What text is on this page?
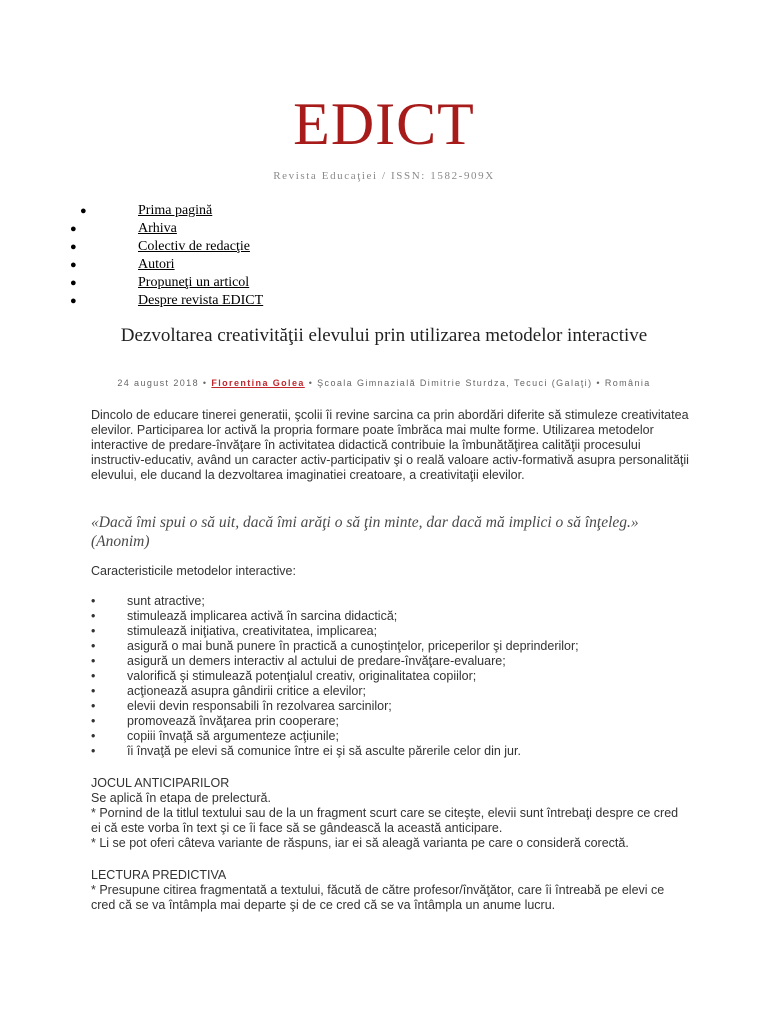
EDICT
Revista Educaţiei / ISSN: 1582-909X
●	Prima pagină
●	Arhiva
●	Colectiv de redacţie
●	Autori
●	Propuneţi un articol
●	Despre revista EDICT
Dezvoltarea creativităţii elevului prin utilizarea metodelor interactive
24 august 2018 • Florentina Golea • Şcoala Gimnazială Dimitrie Sturdza, Tecuci (Galaţi) • România

Dincolo de educare tinerei generatii, şcolii îi revine sarcina ca prin abordări diferite să stimuleze creativitatea elevilor. Participarea lor activă la propria formare poate îmbrăca mai multe forme. Utilizarea metodelor interactive de predare-învăţare în activitatea didactică contribuie la îmbunătăţirea calităţii procesului instructiv-educativ, având un caracter activ-participativ şi o reală valoare activ-formativă asupra personalităţii elevului, ele ducand la dezvoltarea imaginatiei creatoare, a creativitaţii elevilor.

«Dacă îmi spui o să uit, dacă îmi arăţi o să ţin minte, dar dacă mă implici o să înţeleg.» (Anonim)

Caracteristicile metodelor interactive:

•	sunt atractive;
•	stimulează implicarea activă în sarcina didactică;
•	stimulează iniţiativa, creativitatea, implicarea;
•	asigură o mai bună punere în practică a cunoştinţelor, priceperilor şi deprinderilor;
•	asigură un demers interactiv al actului de predare-învăţare-evaluare;
•	valorifică şi stimulează potenţialul creativ, originalitatea copiilor;
•	acţionează asupra gândirii critice a elevilor;
•	elevii devin responsabili în rezolvarea sarcinilor;
•	promovează învăţarea prin cooperare;
•	copiii învaţă să argumenteze acţiunile;
•	îi învaţă pe elevi să comunice între ei şi să asculte părerile celor din jur.

JOCUL ANTICIPARILOR
Se aplică în etapa de prelectură.
* Pornind de la titlul textului sau de la un fragment scurt care se citeşte, elevii sunt întrebaţi despre ce cred ei că este vorba în text şi ce îi face să se gândească la această anticipare.
* Li se pot oferi câteva variante de răspuns, iar ei să aleagă varianta pe care o consideră corectă.

LECTURA PREDICTIVA
* Presupune citirea fragmentată a textului, făcută de către profesor/învăţător, care îi întreabă pe elevi ce cred că se va întâmpla mai departe şi de ce cred că se va întâmpla un anume lucru.
